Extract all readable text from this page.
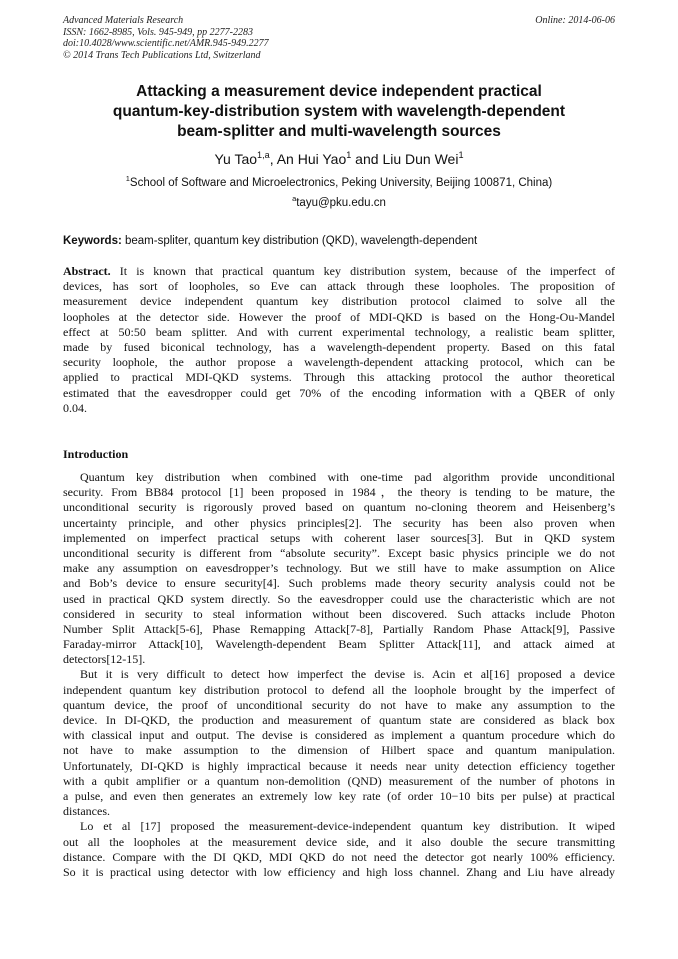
Advanced Materials Research
ISSN: 1662-8985, Vols. 945-949, pp 2277-2283
doi:10.4028/www.scientific.net/AMR.945-949.2277
© 2014 Trans Tech Publications Ltd, Switzerland
Online: 2014-06-06
Attacking a measurement device independent practical
quantum-key-distribution system with wavelength-dependent
beam-splitter and multi-wavelength sources
Yu Tao$^{1,a}$, An Hui Yao$^1$ and Liu Dun Wei$^1$
$^1$School of Software and Microelectronics, Peking University, Beijing 100871, China)
$^a$tayu@pku.edu.cn
Keywords: beam-spliter, quantum key distribution (QKD), wavelength-dependent
Abstract. It is known that practical quantum key distribution system, because of the imperfect of
devices, has sort of loopholes, so Eve can attack through these loopholes. The proposition of
measurement device independent quantum key distribution protocol claimed to solve all the
loopholes at the detector side. However the proof of MDI-QKD is based on the Hong-Ou-Mandel
effect at 50:50 beam splitter. And with current experimental technology, a realistic beam splitter,
made by fused biconical technology, has a wavelength-dependent property. Based on this fatal
security loophole, the author propose a wavelength-dependent attacking protocol, which can be
applied to practical MDI-QKD systems. Through this attacking protocol the author theoretical
estimated that the eavesdropper could get 70% of the encoding information with a QBER of only
0.04.
Introduction
Quantum key distribution when combined with one-time pad algorithm provide unconditional
security. From BB84 protocol [1] been proposed in 1984，the theory is tending to be mature, the
unconditional security is rigorously proved based on quantum no-cloning theorem and Heisenberg’s
uncertainty principle, and other physics principles[2]. The security has been also proven when
implemented on imperfect practical setups with coherent laser sources[3]. But in QKD system
unconditional security is different from “absolute security”. Except basic physics principle we do not
make any assumption on eavesdropper’s technology. But we still have to make assumption on Alice
and Bob’s device to ensure security[4]. Such problems made theory security analysis could not be
used in practical QKD system directly. So the eavesdropper could use the characteristic which are not
considered in security to steal information without been discovered. Such attacks include Photon
Number Split Attack[5-6], Phase Remapping Attack[7-8], Partially Random Phase Attack[9], Passive
Faraday-mirror Attack[10], Wavelength-dependent Beam Splitter Attack[11], and attack aimed at
detectors[12-15].
But it is very difficult to detect how imperfect the devise is. Acin et al[16] proposed a device
independent quantum key distribution protocol to defend all the loophole brought by the imperfect of
quantum device, the proof of unconditional security do not have to make any assumption to the
device. In DI-QKD, the production and measurement of quantum state are considered as black box
with classical input and output. The devise is considered as implement a quantum procedure which do
not have to make assumption to the dimension of Hilbert space and quantum manipulation.
Unfortunately, DI-QKD is highly impractical because it needs near unity detection efficiency together
with a qubit amplifier or a quantum non-demolition (QND) measurement of the number of photons in
a pulse, and even then generates an extremely low key rate (of order 10−10 bits per pulse) at practical
distances.
Lo et al [17] proposed the measurement-device-independent quantum key distribution. It wiped
out all the loopholes at the measurement device side, and it also double the secure transmitting
distance. Compare with the DI QKD, MDI QKD do not need the detector got nearly 100% efficiency.
So it is practical using detector with low efficiency and high loss channel. Zhang and Liu have already
